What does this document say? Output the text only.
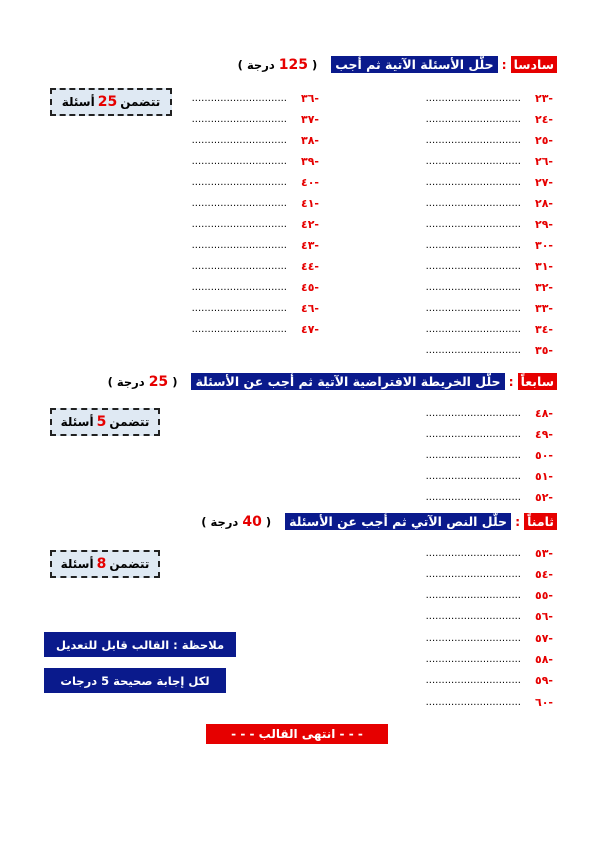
سادسا
:
حلّل الأسئلة الآتية ثم أجب
( 125 درجة )
تتضمن
25
أسئلة	-٢٣
..............................
-٢٤
..............................
-٢٥
..............................
-٢٦
..............................
-٢٧
..............................
-٢٨
..............................
-٢٩
..............................
-٣٠
..............................
-٣١
..............................
-٣٢
..............................
-٣٣
..............................
-٣٤
..............................
-٣٥
..............................
-٣٦
..............................
-٣٧
..............................
-٣٨
..............................
-٣٩
..............................
-٤٠
..............................
-٤١
..............................
-٤٢
..............................
-٤٣
..............................
-٤٤
..............................
-٤٥
..............................
-٤٦
..............................
-٤٧
..............................
سابعاً
:
حلّل الخريطة الافتراضية الآتية ثم أجب عن الأسئلة
( 25 درجة )
تتضمن
5
أسئلة
-٤٨
..............................
-٤٩
..............................
-٥٠
..............................
-٥١
..............................
-٥٢
..............................
ثامناً
:
حلّل النص الآتي ثم أجب عن الأسئلة
( 40 درجة )
تتضمن
8
أسئلة
-٥٣
..............................
-٥٤
..............................
-٥٥
..............................
-٥٦
..............................
-٥٧
..............................
-٥٨
..............................
-٥٩
..............................
-٦٠
..............................
ملاحظة : القالب قابل للتعديل
لكل إجابة صحيحة 5 درجات
- - - انتهى القالب - - -
